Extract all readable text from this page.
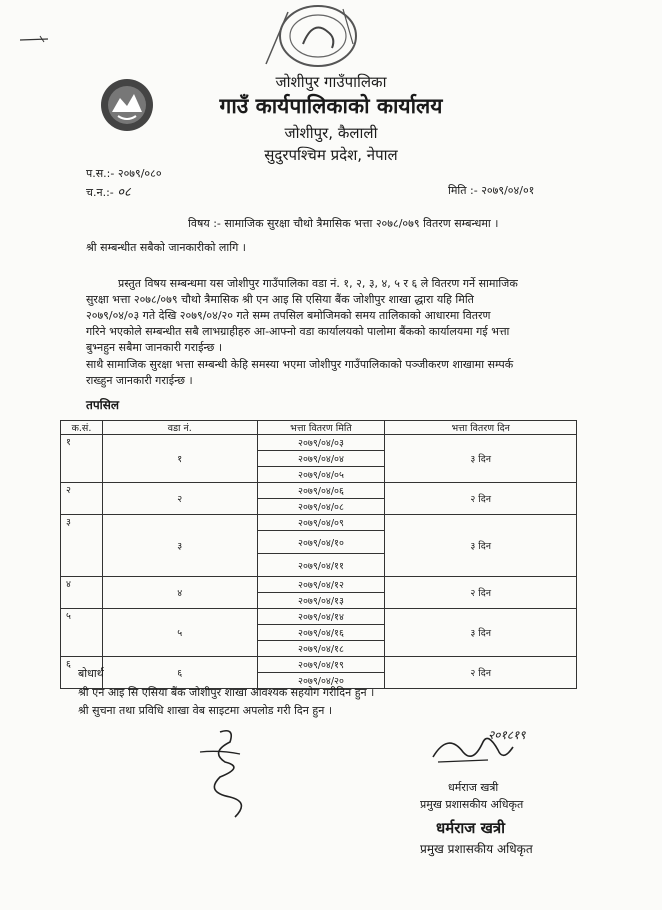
जोशीपुर गाउँपालिका
गाउँ कार्यपालिकाको कार्यालय
जोशीपुर, कैलाली
सुदुरपश्चिम प्रदेश, नेपाल
प.स.:- २०७९/०८०
च.न.:- ०८	मिति :- २०७९/०४/०१
विषय :- सामाजिक सुरक्षा चौथो त्रैमासिक भत्ता २०७८/०७९ वितरण सम्बन्धमा ।
श्री सम्बन्धीत सबैको जानकारीको लागि ।
प्रस्तुत विषय सम्बन्धमा यस जोशीपुर गाउँपालिका वडा नं. १, २, ३, ४, ५ र ६ ले वितरण गर्ने सामाजिक
सुरक्षा भत्ता २०७८/०७९ चौथो त्रैमासिक श्री एन आइ सि एसिया बैंक जोशीपुर शाखा द्धारा यहि मिति
२०७९/०४/०३ गते देखि २०७९/०४/२० गते सम्म तपसिल बमोजिमको समय तालिकाको आधारमा वितरण
गरिने भएकोले सम्बन्धीत सबै लाभग्राहीहरु आ-आफ्नो वडा कार्यालयको पालोमा बैंकको कार्यालयमा गई भत्ता
बुभ्नहुन सबैमा जानकारी गराईन्छ ।
साथै सामाजिक सुरक्षा भत्ता सम्बन्धी केहि समस्या भएमा जोशीपुर गाउँपालिकाको पञ्जीकरण शाखामा सम्पर्क
राख्हुन जानकारी गराईन्छ ।
तपसिल
क.सं.	वडा नं.	भत्ता वितरण मिति	भत्ता वितरण दिन
१	१	२०७९/०४/०३	३ दिन
		२०७९/०४/०४	
		२०७९/०४/०५	
२	२	२०७९/०४/०६	२ दिन
		२०७९/०४/०८	
३	३	२०७९/०४/०९	३ दिन
		२०७९/०४/१०	
		२०७९/०४/११	
४	४	२०७९/०४/१२	२ दिन
		२०७९/०४/१३	
५	५	२०७९/०४/१४	३ दिन
		२०७९/०४/१६	
		२०७९/०४/१८	
६	६	२०७९/०४/१९	२ दिन
		२०७९/०४/२०	
बोधार्थ
श्री एन आइ सि एसिया बैंक जोशीपुर शाखा आवश्यक सहयोग गरीदिन हुन ।
श्री सुचना तथा प्रविधि शाखा वेब साइटमा अपलोड गरी दिन हुन ।
२०१८१९
धर्मराज खत्री
प्रमुख प्रशासकीय अधिकृत
धर्मराज खत्री
प्रमुख प्रशासकीय अधिकृत
